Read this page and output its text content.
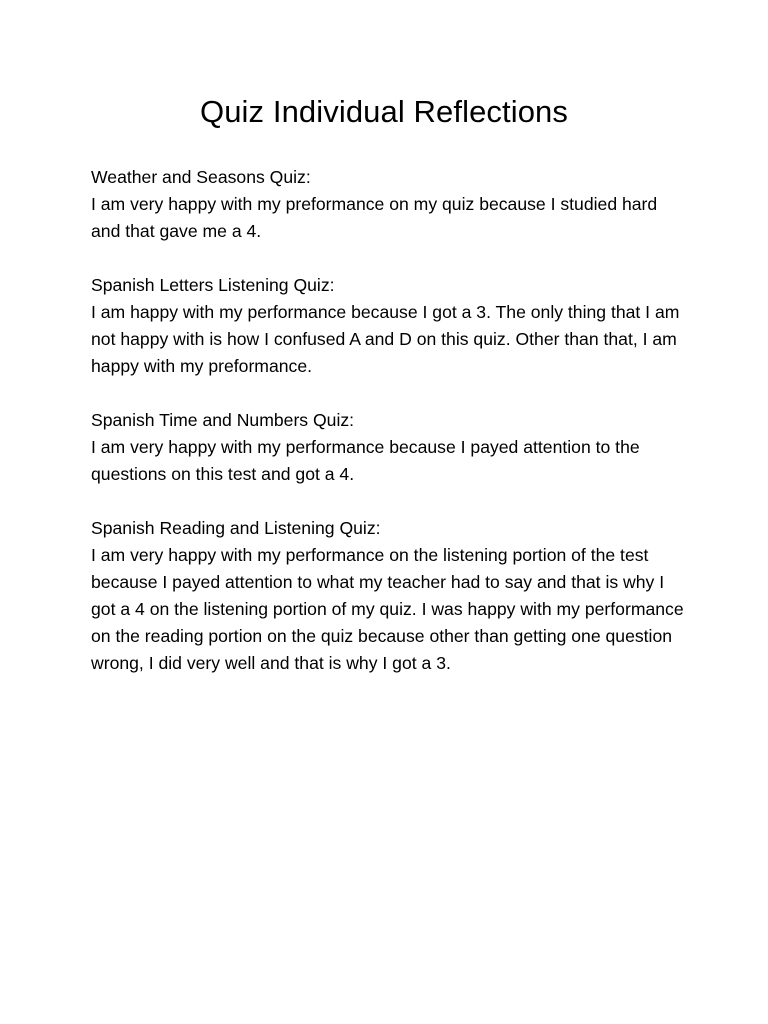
Quiz Individual Reflections

Weather and Seasons Quiz:
I am very happy with my preformance on my quiz because I studied hard and that gave me a 4.

Spanish Letters Listening Quiz:
I am happy with my performance because I got a 3. The only thing that I am not happy with is how I confused A and D on this quiz. Other than that, I am happy with my preformance.

Spanish Time and Numbers Quiz:
I am very happy with my performance because I payed attention to the questions on this test and got a 4.

Spanish Reading and Listening Quiz:
I am very happy with my performance on the listening portion of the test because I payed attention to what my teacher had to say and that is why I got a 4 on the listening portion of my quiz. I was happy with my performance on the reading portion on the quiz because other than getting one question wrong, I did very well and that is why I got a 3.
